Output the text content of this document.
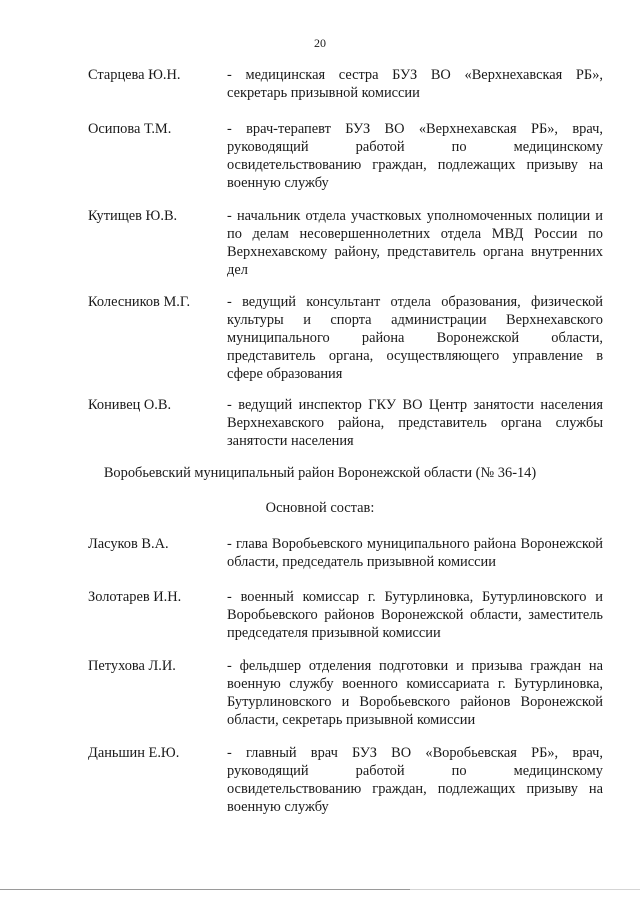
20
Старцева Ю.Н.	- медицинская сестра БУЗ ВО «Верхнехавская РБ», секретарь призывной комиссии
Осипова Т.М.	- врач-терапевт БУЗ ВО «Верхнехавская РБ», врач, руководящий работой по медицинскому освидетельствованию граждан, подлежащих призыву на военную службу
Кутищев Ю.В.	- начальник отдела участковых уполномоченных полиции и по делам несовершеннолетних отдела МВД России по Верхнехавскому району, представитель органа внутренних дел
Колесников М.Г.	- ведущий консультант отдела образования, физической культуры и спорта администрации Верхнехавского муниципального района Воронежской области, представитель органа, осуществляющего управление в сфере образования
Конивец О.В.	- ведущий инспектор ГКУ ВО Центр занятости населения Верхнехавского района, представитель органа службы занятости населения
Воробьевский муниципальный район Воронежской области (№ 36-14)
Основной состав:
Ласуков В.А.	- глава Воробьевского муниципального района Воронежской области, председатель призывной комиссии
Золотарев И.Н.	- военный комиссар г. Бутурлиновка, Бутурлиновского и Воробьевского районов Воронежской области, заместитель председателя призывной комиссии
Петухова Л.И.	- фельдшер отделения подготовки и призыва граждан на военную службу военного комиссариата г. Бутурлиновка, Бутурлиновского и Воробьевского районов Воронежской области, секретарь призывной комиссии
Даньшин Е.Ю.	- главный врач БУЗ ВО «Воробьевская РБ», врач, руководящий работой по медицинскому освидетельствованию граждан, подлежащих призыву на военную службу
